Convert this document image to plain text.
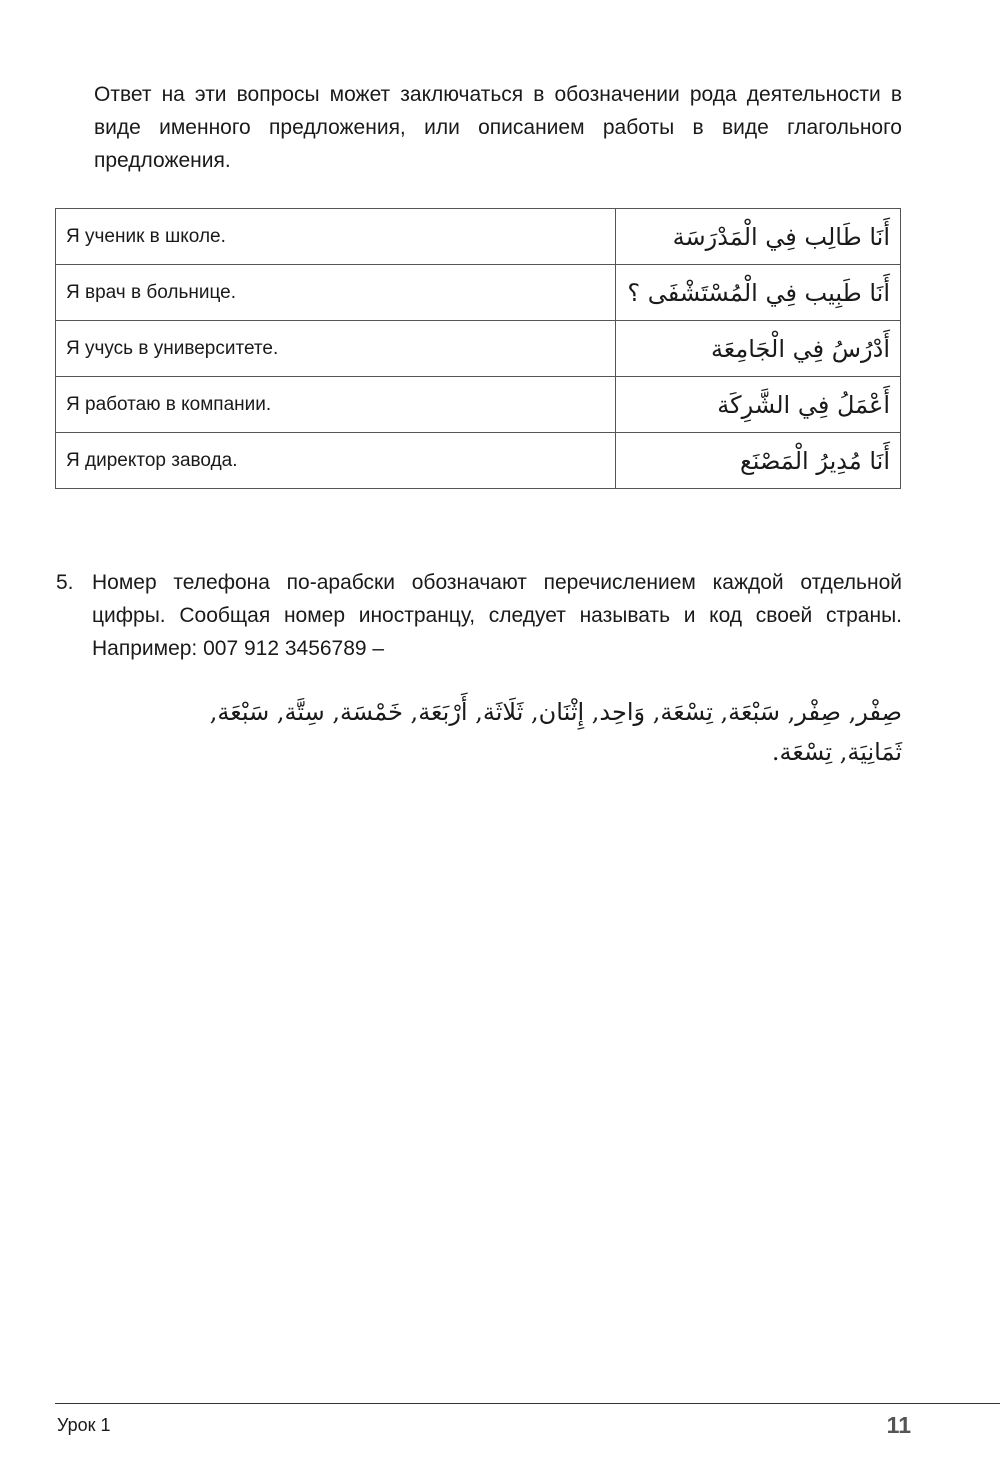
Ответ на эти вопросы может заключаться в обозначении рода деятельности в виде именного предложения, или описанием работы в виде глагольного предложения.

Я ученик в школе.	أَنَا طَالِب فِي الْمَدْرَسَة
Я врач в больнице.	أَنَا طَبِيب فِي الْمُسْتَشْفَى ؟
Я учусь в университете.	أَدْرُسُ فِي الْجَامِعَة
Я работаю в компании.	أَعْمَلُ فِي الشَّرِكَة
Я директор завода.	أَنَا مُدِيرُ الْمَصْنَع
5. Номер телефона по-арабски обозначают перечислением каждой отдельной цифры. Сообщая номер иностранцу, следует называть и код своей страны. Например: 007 912 3456789 –

صِفْر, صِفْر, سَبْعَة, تِسْعَة, وَاحِد, إِثْنَان, ثَلَاثَة, أَرْبَعَة, خَمْسَة, سِتَّة, سَبْعَة, ثَمَانِيَة, تِسْعَة.

Урок 1	11
